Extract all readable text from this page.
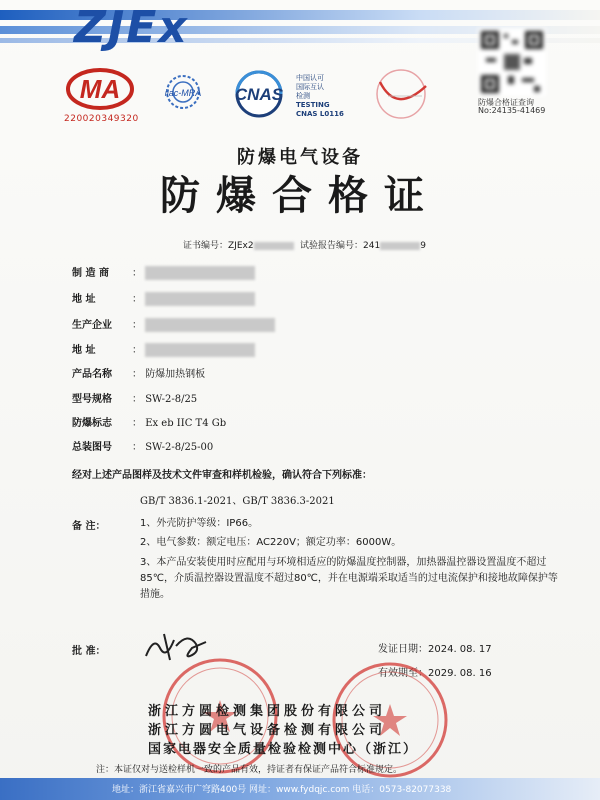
ZJEx
MA
220020349320
ilac-MRA CNAS
中国认可
国际互认
检测
TESTING
CNAS L0116
防爆合格证查询
No:24135-41469
防爆电气设备
防爆合格证
证书编号：ZJEx2	试验报告编号：241	9
制 造 商 ：
地 址	：
生产企业 ：
地 址	：
产品名称 ： 防爆加热钢板
型号规格 ： SW-2-8/25
防爆标志 ： Ex eb IIC T4 Gb
总装图号 ： SW-2-8/25-00
经对上述产品图样及技术文件审查和样机检验，确认符合下列标准：
GB/T 3836.1-2021、GB/T 3836.3-2021
备 注：	1、外壳防护等级：IP66。
2、电气参数：额定电压：AC220V；额定功率：6000W。
3、本产品安装使用时应配用与环境相适应的防爆温度控制器，加热器温控器设置温度不超过85℃，介质温控器设置温度不超过80℃，并在电源端采取适当的过电流保护和接地故障保护等措施。
批 准：	发证日期：2024. 08. 17
有效期至：2029. 08. 16
浙江方圆检测集团股份有限公司
浙江方圆电气设备检测有限公司
国家电器安全质量检验检测中心（浙江）
注：本证仅对与送检样机一致的产品有效，持证者有保证产品符合标准规定。
地址：浙江省嘉兴市广穹路400号 网址：www.fydqjc.com 电话：0573-82077338
